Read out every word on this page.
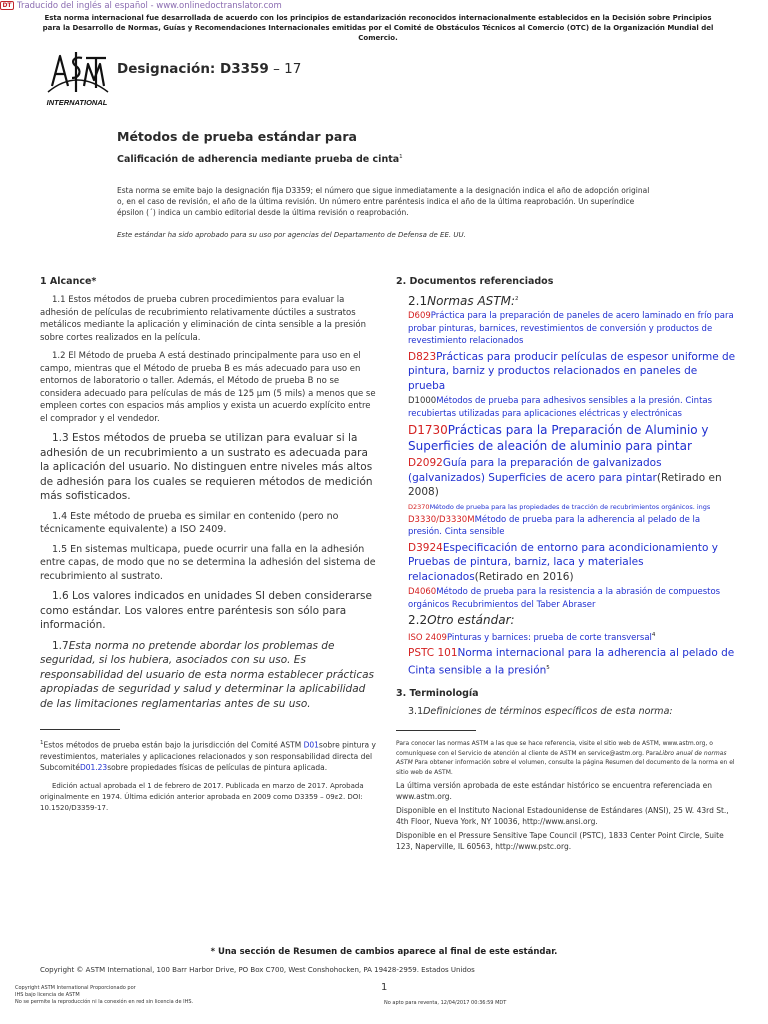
DT Traducido del inglés al español - www.onlinedoctranslator.com
Esta norma internacional fue desarrollada de acuerdo con los principios de estandarización reconocidos internacionalmente establecidos en la Decisión sobre Principios para la Desarrollo de Normas, Guías y Recomendaciones Internacionales emitidas por el Comité de Obstáculos Técnicos al Comercio (OTC) de la Organización Mundial del Comercio.
INTERNATIONAL
Designación: D3359 – 17
Métodos de prueba estándar para
Calificación de adherencia mediante prueba de cinta$^1$
Esta norma se emite bajo la designación fija D3359; el número que sigue inmediatamente a la designación indica el año de adopción original o, en el caso de revisión, el año de la última revisión. Un número entre paréntesis indica el año de la última reaprobación. Un superíndice épsilon (´) indica un cambio editorial desde la última revisión o reaprobación.
Este estándar ha sido aprobado para su uso por agencias del Departamento de Defensa de EE. UU.
1 Alcance*

1.1 Estos métodos de prueba cubren procedimientos para evaluar la adhesión de películas de recubrimiento relativamente dúctiles a sustratos metálicos mediante la aplicación y eliminación de cinta sensible a la presión sobre cortes realizados en la película.

1.2 El Método de prueba A está destinado principalmente para uso en el campo, mientras que el Método de prueba B es más adecuado para uso en entornos de laboratorio o taller. Además, el Método de prueba B no se considera adecuado para películas de más de 125 µm (5 mils) a menos que se empleen cortes con espacios más amplios y exista un acuerdo explícito entre el comprador y el vendedor.

1.3 Estos métodos de prueba se utilizan para evaluar si la adhesión de un recubrimiento a un sustrato es adecuada para la aplicación del usuario. No distinguen entre niveles más altos de adhesión para los cuales se requieren métodos de medición más sofisticados.

1.4 Este método de prueba es similar en contenido (pero no técnicamente equivalente) a ISO 2409.

1.5 En sistemas multicapa, puede ocurrir una falla en la adhesión entre capas, de modo que no se determina la adhesión del sistema de recubrimiento al sustrato.

1.6 Los valores indicados en unidades SI deben considerarse como estándar. Los valores entre paréntesis son sólo para información.

1.7Esta norma no pretende abordar los problemas de seguridad, si los hubiera, asociados con su uso. Es responsabilidad del usuario de esta norma establecer prácticas apropiadas de seguridad y salud y determinar la aplicabilidad de las limitaciones reglamentarias antes de su uso.

$^1$Estos métodos de prueba están bajo la jurisdicción del Comité ASTM D01sobre pintura y revestimientos, materiales y aplicaciones relacionados y son responsabilidad directa del SubcomitéD01.23sobre propiedades físicas de películas de pintura aplicada.

Edición actual aprobada el 1 de febrero de 2017. Publicada en marzo de 2017. Aprobada originalmente en 1974. Última edición anterior aprobada en 2009 como D3359 – 09ε2. DOI: 10.1520/D3359-17.

2. Documentos referenciados
2.1Normas ASTM:$^2$
D609Práctica para la preparación de paneles de acero laminado en frío para probar pinturas, barnices, revestimientos de conversión y productos de revestimiento relacionados
D823Prácticas para producir películas de espesor uniforme de pintura, barniz y productos relacionados en paneles de prueba
D1000Métodos de prueba para adhesivos sensibles a la presión. Cintas recubiertas utilizadas para aplicaciones eléctricas y electrónicas
D1730Prácticas para la Preparación de Aluminio y Superficies de aleación de aluminio para pintar
D2092Guía para la preparación de galvanizados (galvanizados) Superficies de acero para pintar(Retirado en 2008)
D2370Método de prueba para las propiedades de tracción de recubrimientos orgánicos. ings
D3330/D3330MMétodo de prueba para la adherencia al pelado de la presión. Cinta sensible
D3924Especificación de entorno para acondicionamiento y Pruebas de pintura, barniz, laca y materiales relacionados(Retirado en 2016)
D4060Método de prueba para la resistencia a la abrasión de compuestos orgánicos Recubrimientos del Taber Abraser
2.2Otro estándar:
ISO 2409Pinturas y barnices: prueba de corte transversal$^4$
PSTC 101Norma internacional para la adherencia al pelado de Cinta sensible a la presión$^5$
3. Terminología
3.1Definiciones de términos específicos de esta norma:

Para conocer las normas ASTM a las que se hace referencia, visite el sitio web de ASTM, www.astm.org, o comuníquese con el Servicio de atención al cliente de ASTM en service@astm.org. ParaLibro anual de normas ASTM Para obtener información sobre el volumen, consulte la página Resumen del documento de la norma en el sitio web de ASTM.

La última versión aprobada de este estándar histórico se encuentra referenciada en www.astm.org.

Disponible en el Instituto Nacional Estadounidense de Estándares (ANSI), 25 W. 43rd St., 4th Floor, Nueva York, NY 10036, http://www.ansi.org.

Disponible en el Pressure Sensitive Tape Council (PSTC), 1833 Center Point Circle, Suite 123, Naperville, IL 60563, http://www.pstc.org.

* Una sección de Resumen de cambios aparece al final de este estándar.
Copyright © ASTM International, 100 Barr Harbor Drive, PO Box C700, West Conshohocken, PA 19428-2959. Estados Unidos
1
Copyright ASTM International Proporcionado por
IHS bajo licencia de ASTM
No se permite la reproducción ni la conexión en red sin licencia de IHS.	No apto para reventa, 12/04/2017 00:36:59 MDT
